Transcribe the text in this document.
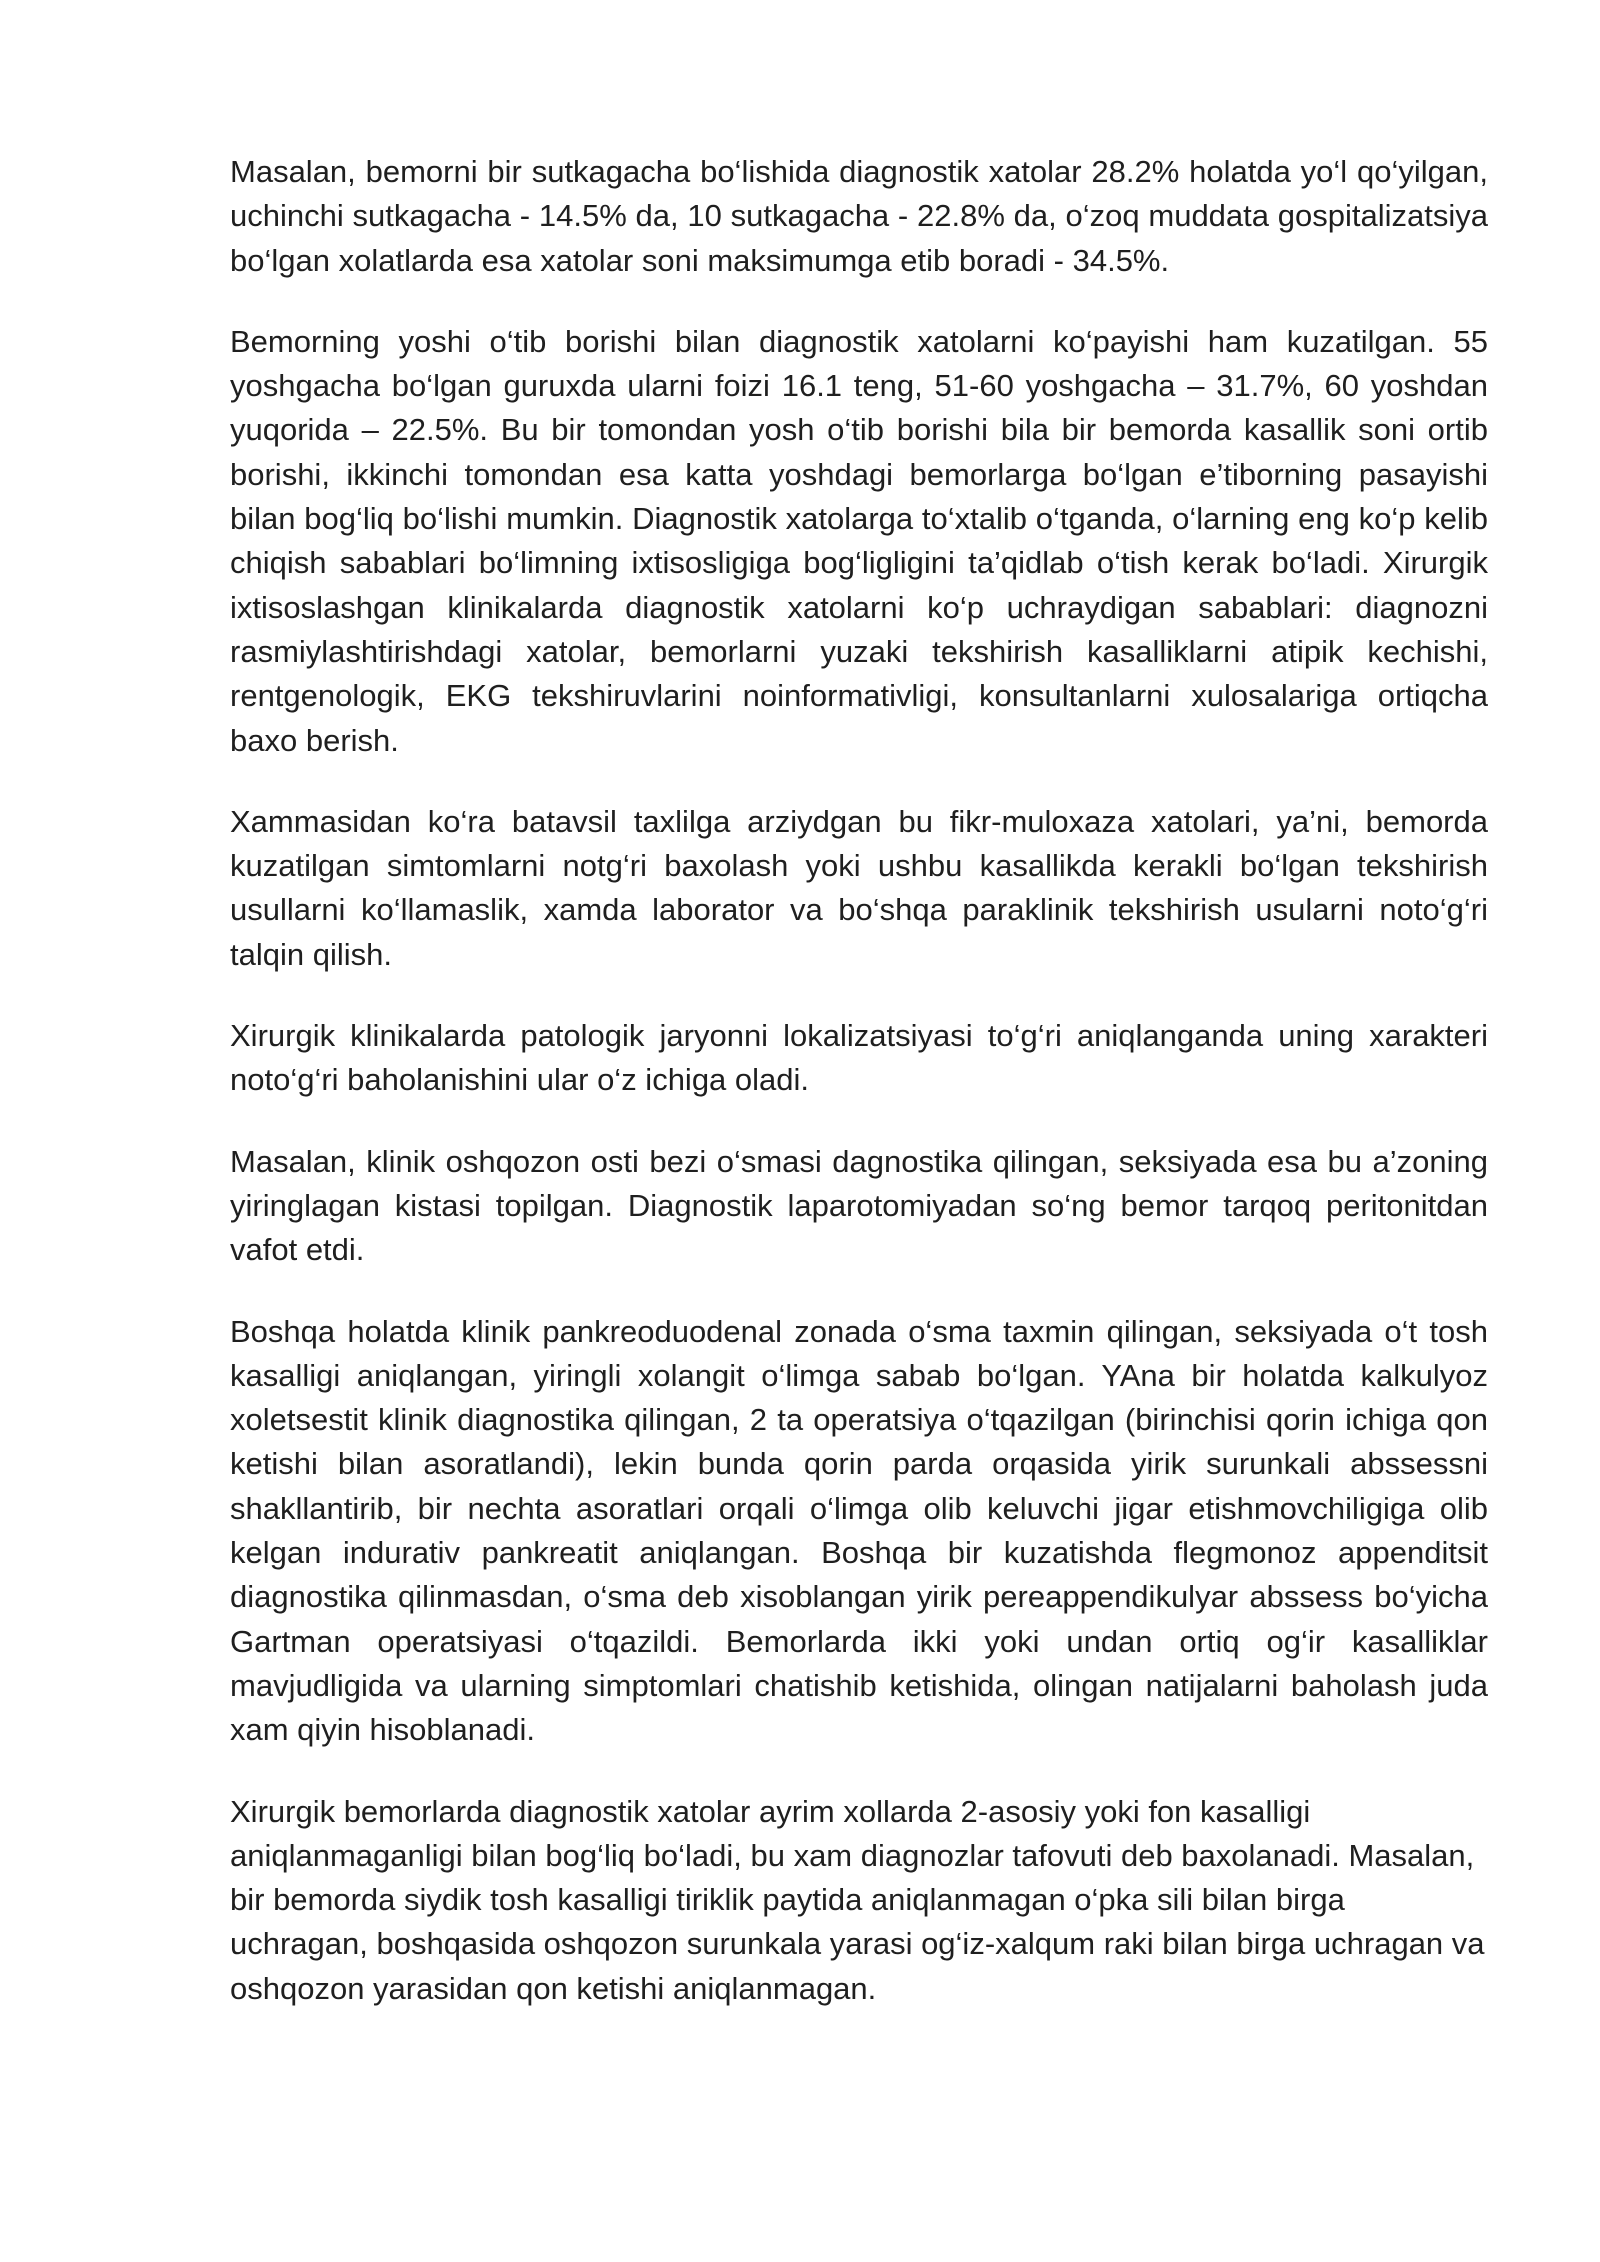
Masalan, bemorni bir sutkagacha bo‘lishida diagnostik xatolar 28.2% holatda yo‘l qo‘yilgan, uchinchi sutkagacha - 14.5% da, 10 sutkagacha - 22.8% da, o‘zoq muddata gospitalizatsiya bo‘lgan xolatlarda esa xatolar soni maksimumga etib boradi - 34.5%.

Bemorning yoshi o‘tib borishi bilan diagnostik xatolarni ko‘payishi ham kuzatilgan. 55 yoshgacha bo‘lgan guruxda ularni foizi 16.1 teng, 51-60 yoshgacha – 31.7%, 60 yoshdan yuqorida – 22.5%. Bu bir tomondan yosh o‘tib borishi bila bir bemorda kasallik soni ortib borishi, ikkinchi tomondan esa katta yoshdagi bemorlarga bo‘lgan e’tiborning pasayishi bilan bog‘liq bo‘lishi mumkin. Diagnostik xatolarga to‘xtalib o‘tganda, o‘larning eng ko‘p kelib chiqish sabablari bo‘limning ixtisosligiga bog‘ligligini ta’qidlab o‘tish kerak bo‘ladi. Xirurgik ixtisoslashgan klinikalarda diagnostik xatolarni ko‘p uchraydigan sabablari: diagnozni rasmiylashtirishdagi xatolar, bemorlarni yuzaki tekshirish kasalliklarni atipik kechishi, rentgenologik, EKG tekshiruvlarini noinformativligi, konsultanlarni xulosalariga ortiqcha baxo berish.

Xammasidan ko‘ra batavsil taxlilga arziydgan bu fikr-muloxaza xatolari, ya’ni, bemorda kuzatilgan simtomlarni notg‘ri baxolash yoki ushbu kasallikda kerakli bo‘lgan tekshirish usullarni ko‘llamaslik, xamda laborator va bo‘shqa paraklinik tekshirish usularni noto‘g‘ri talqin qilish.

Xirurgik klinikalarda patologik jaryonni lokalizatsiyasi to‘g‘ri aniqlanganda uning xarakteri noto‘g‘ri baholanishini ular o‘z ichiga oladi.

Masalan, klinik oshqozon osti bezi o‘smasi dagnostika qilingan, seksiyada esa bu a’zoning yiringlagan kistasi topilgan. Diagnostik laparotomiyadan so‘ng bemor tarqoq peritonitdan vafot etdi.

Boshqa holatda klinik pankreoduodenal zonada o‘sma taxmin qilingan, seksiyada o‘t tosh kasalligi aniqlangan, yiringli xolangit o‘limga sabab bo‘lgan. YAna bir holatda kalkulyoz xoletsestit klinik diagnostika qilingan, 2 ta operatsiya o‘tqazilgan (birinchisi qorin ichiga qon ketishi bilan asoratlandi), lekin bunda qorin parda orqasida yirik surunkali abssessni shakllantirib, bir nechta asoratlari orqali o‘limga olib keluvchi jigar etishmovchiligiga olib kelgan indurativ pankreatit aniqlangan. Boshqa bir kuzatishda flegmonoz appenditsit diagnostika qilinmasdan, o‘sma deb xisoblangan yirik pereappendikulyar abssess bo‘yicha Gartman operatsiyasi o‘tqazildi. Bemorlarda ikki yoki undan ortiq og‘ir kasalliklar mavjudligida va ularning simptomlari chatishib ketishida, olingan natijalarni baholash juda xam qiyin hisoblanadi.

Xirurgik bemorlarda diagnostik xatolar ayrim xollarda 2-asosiy yoki fon kasalligi aniqlanmaganligi bilan bog‘liq bo‘ladi, bu xam diagnozlar tafovuti deb baxolanadi. Masalan, bir bemorda siydik tosh kasalligi tiriklik paytida aniqlanmagan o‘pka sili bilan birga uchragan, boshqasida oshqozon surunkala yarasi og‘iz-xalqum raki bilan birga uchragan va oshqozon yarasidan qon ketishi aniqlanmagan.
